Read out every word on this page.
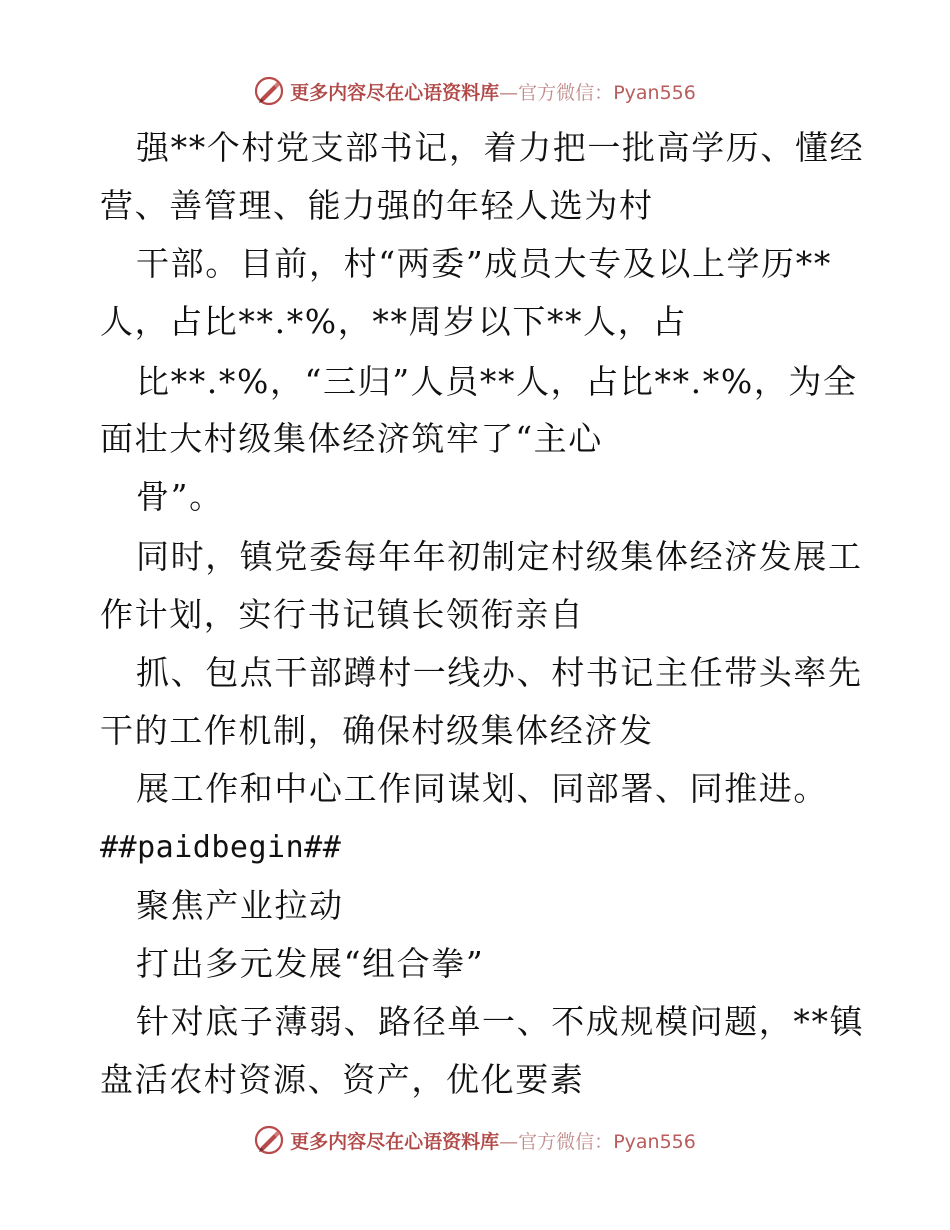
更多内容尽在心语资料库—官方微信：Pyan556
强**个村党支部书记，着力把一批高学历、懂经
营、善管理、能力强的年轻人选为村
干部。目前，村“两委”成员大专及以上学历**
人，占比**.*%，**周岁以下**人，占
比**.*%，“三归”人员**人，占比**.*%，为全
面壮大村级集体经济筑牢了“主心
骨”。
同时，镇党委每年年初制定村级集体经济发展工
作计划，实行书记镇长领衔亲自
抓、包点干部蹲村一线办、村书记主任带头率先
干的工作机制，确保村级集体经济发
展工作和中心工作同谋划、同部署、同推进。
##paidbegin##
聚焦产业拉动
打出多元发展“组合拳”
针对底子薄弱、路径单一、不成规模问题，**镇
盘活农村资源、资产，优化要素
更多内容尽在心语资料库—官方微信：Pyan556
